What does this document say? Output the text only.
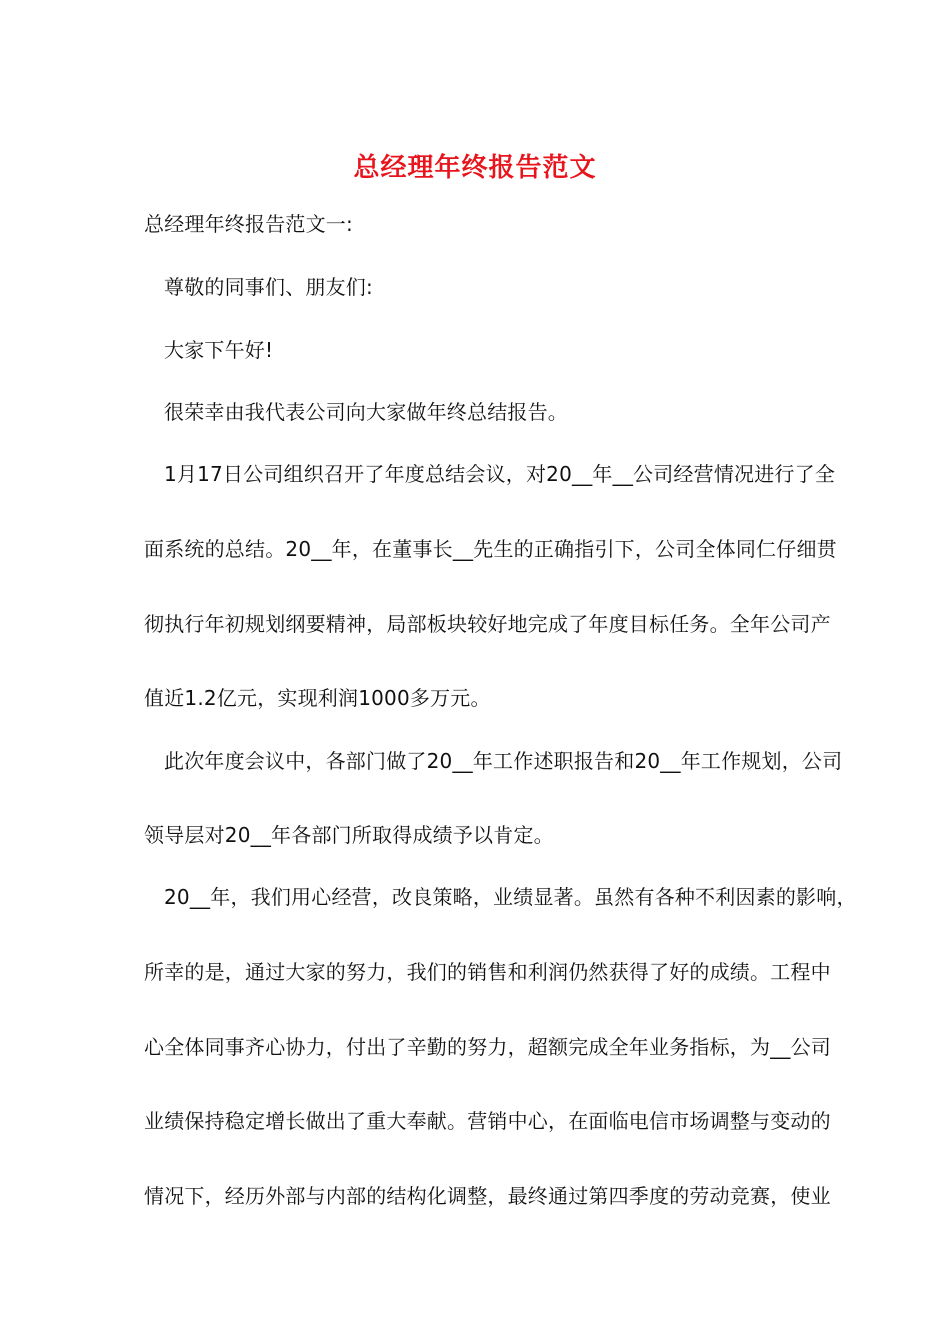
总经理年终报告范文
总经理年终报告范文一:
尊敬的同事们、朋友们:
大家下午好!
很荣幸由我代表公司向大家做年终总结报告。
1月17日公司组织召开了年度总结会议，对20__年__公司经营情况进行了全
面系统的总结。20__年，在董事长__先生的正确指引下，公司全体同仁仔细贯
彻执行年初规划纲要精神，局部板块较好地完成了年度目标任务。全年公司产
值近1.2亿元，实现利润1000多万元。
此次年度会议中，各部门做了20__年工作述职报告和20__年工作规划，公司
领导层对20__年各部门所取得成绩予以肯定。
20__年，我们用心经营，改良策略，业绩显著。虽然有各种不利因素的影响，
所幸的是，通过大家的努力，我们的销售和利润仍然获得了好的成绩。工程中
心全体同事齐心协力，付出了辛勤的努力，超额完成全年业务指标，为__公司
业绩保持稳定增长做出了重大奉献。营销中心，在面临电信市场调整与变动的
情况下，经历外部与内部的结构化调整，最终通过第四季度的劳动竞赛，使业
